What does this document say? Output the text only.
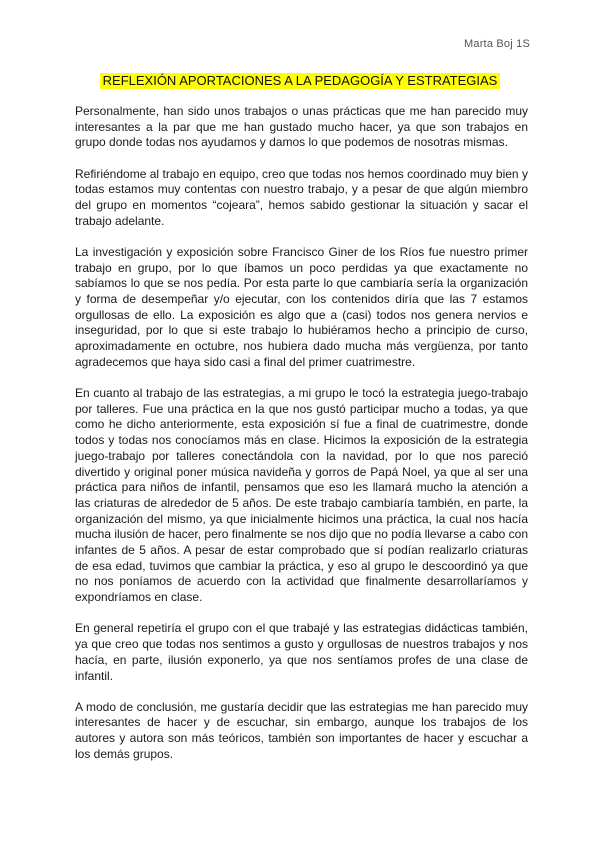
Marta Boj 1S
REFLEXIÓN APORTACIONES A LA PEDAGOGÍA Y ESTRATEGIAS

Personalmente, han sido unos trabajos o unas prácticas que me han parecido muy interesantes a la par que me han gustado mucho hacer, ya que son trabajos en grupo donde todas nos ayudamos y damos lo que podemos de nosotras mismas.

Refiriéndome al trabajo en equipo, creo que todas nos hemos coordinado muy bien y todas estamos muy contentas con nuestro trabajo, y a pesar de que algún miembro del grupo en momentos “cojeara”, hemos sabido gestionar la situación y sacar el trabajo adelante.

La investigación y exposición sobre Francisco Giner de los Ríos fue nuestro primer trabajo en grupo, por lo que íbamos un poco perdidas ya que exactamente no sabíamos lo que se nos pedía. Por esta parte lo que cambiaría sería la organización y forma de desempeñar y/o ejecutar, con los contenidos diría que las 7 estamos orgullosas de ello. La exposición es algo que a (casi) todos nos genera nervios e inseguridad, por lo que si este trabajo lo hubiéramos hecho a principio de curso, aproximadamente en octubre, nos hubiera dado mucha más vergüenza, por tanto agradecemos que haya sido casi a final del primer cuatrimestre.

En cuanto al trabajo de las estrategias, a mi grupo le tocó la estrategia juego-trabajo por talleres. Fue una práctica en la que nos gustó participar mucho a todas, ya que como he dicho anteriormente, esta exposición sí fue a final de cuatrimestre, donde todos y todas nos conocíamos más en clase. Hicimos la exposición de la estrategia juego-trabajo por talleres conectándola con la navidad, por lo que nos pareció divertido y original poner música navideña y gorros de Papá Noel, ya que al ser una práctica para niños de infantil, pensamos que eso les llamará mucho la atención a las criaturas de alrededor de 5 años. De este trabajo cambiaría también, en parte, la organización del mismo, ya que inicialmente hicimos una práctica, la cual nos hacía mucha ilusión de hacer, pero finalmente se nos dijo que no podía llevarse a cabo con infantes de 5 años. A pesar de estar comprobado que sí podían realizarlo criaturas de esa edad, tuvimos que cambiar la práctica, y eso al grupo le descoordinó ya que no nos poníamos de acuerdo con la actividad que finalmente desarrollaríamos y expondríamos en clase.

En general repetiría el grupo con el que trabajé y las estrategias didácticas también, ya que creo que todas nos sentimos a gusto y orgullosas de nuestros trabajos y nos hacía, en parte, ilusión exponerlo, ya que nos sentíamos profes de una clase de infantil.

A modo de conclusión, me gustaría decidir que las estrategias me han parecido muy interesantes de hacer y de escuchar, sin embargo, aunque los trabajos de los autores y autora son más teóricos, también son importantes de hacer y escuchar a los demás grupos.
